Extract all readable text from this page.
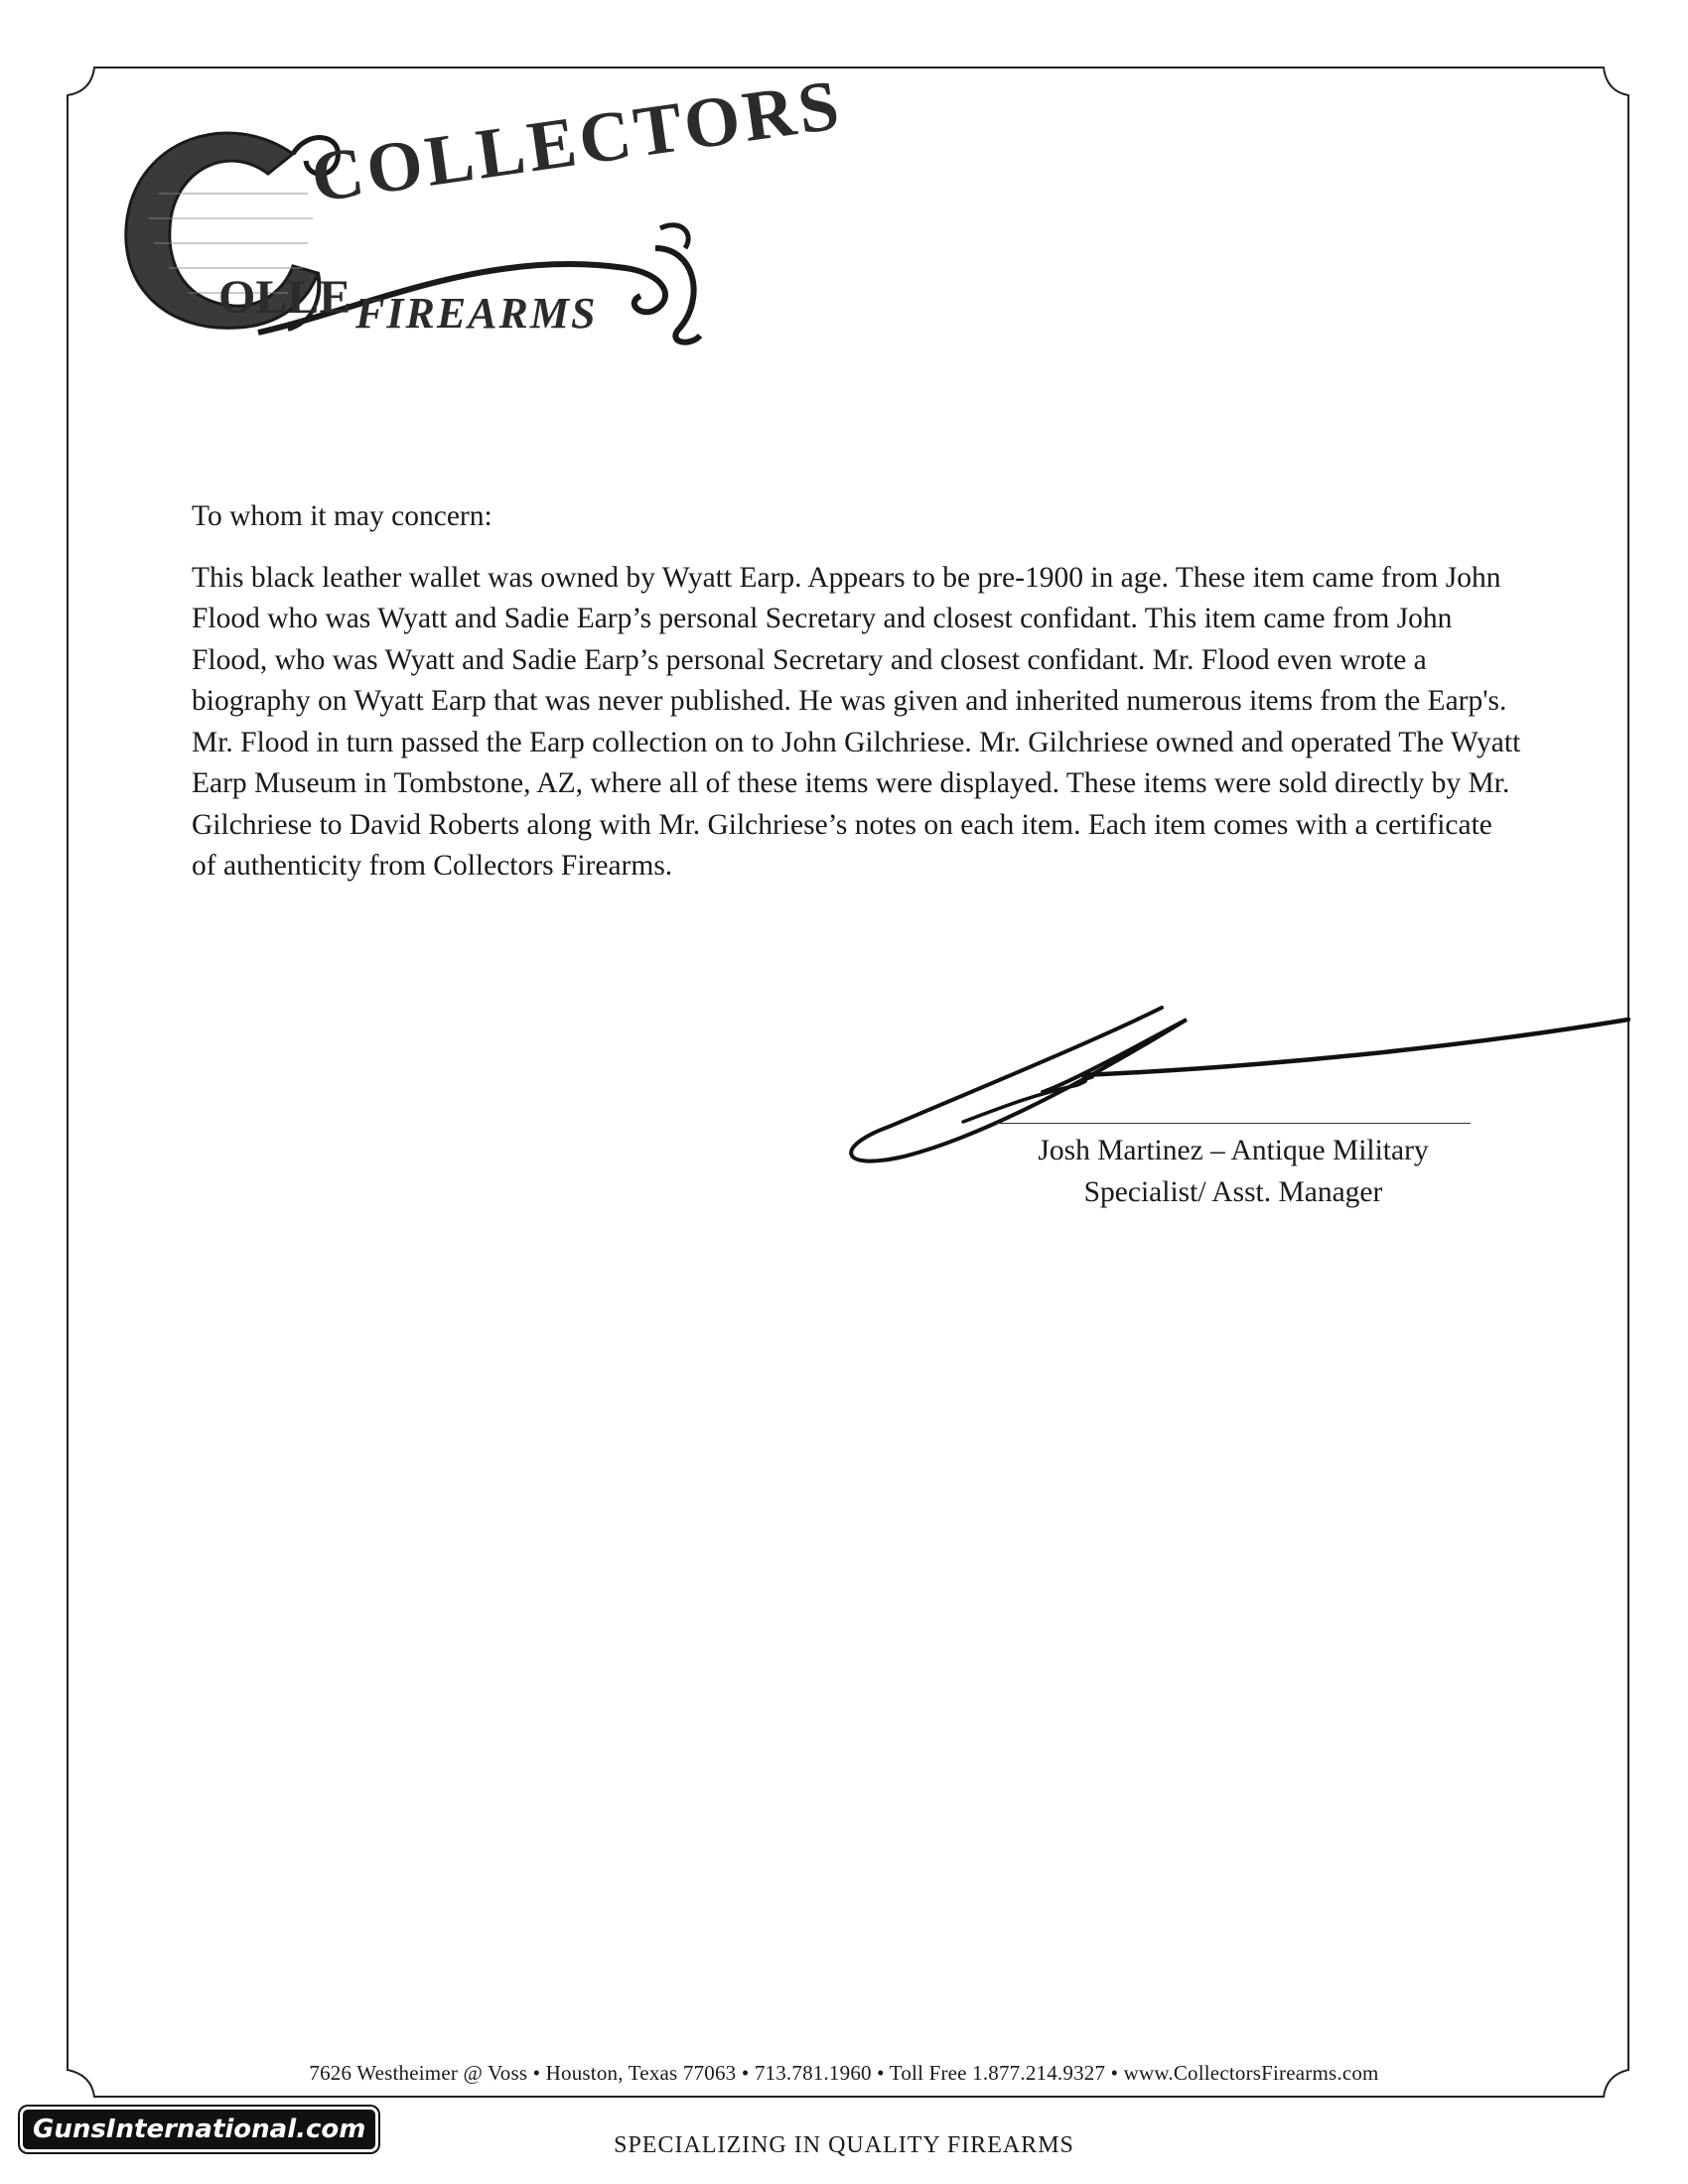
OLLE
COLLECTORS
FIREARMS

To whom it may concern:

This black leather wallet was owned by Wyatt Earp. Appears to be pre-1900 in age. These item came from John Flood who was Wyatt and Sadie Earp’s personal Secretary and closest confidant. This item came from John Flood, who was Wyatt and Sadie Earp’s personal Secretary and closest confidant. Mr. Flood even wrote a biography on Wyatt Earp that was never published. He was given and inherited numerous items from the Earp's. Mr. Flood in turn passed the Earp collection on to John Gilchriese. Mr. Gilchriese owned and operated The Wyatt Earp Museum in Tombstone, AZ, where all of these items were displayed. These items were sold directly by Mr. Gilchriese to David Roberts along with Mr. Gilchriese’s notes on each item. Each item comes with a certificate of authenticity from Collectors Firearms.

Josh Martinez – Antique Military
Specialist/ Asst. Manager
7626 Westheimer @ Voss • Houston, Texas 77063 • 713.781.1960 • Toll Free 1.877.214.9327 • www.CollectorsFirearms.com
SPECIALIZING IN QUALITY FIREARMS
GunsInternational.com
